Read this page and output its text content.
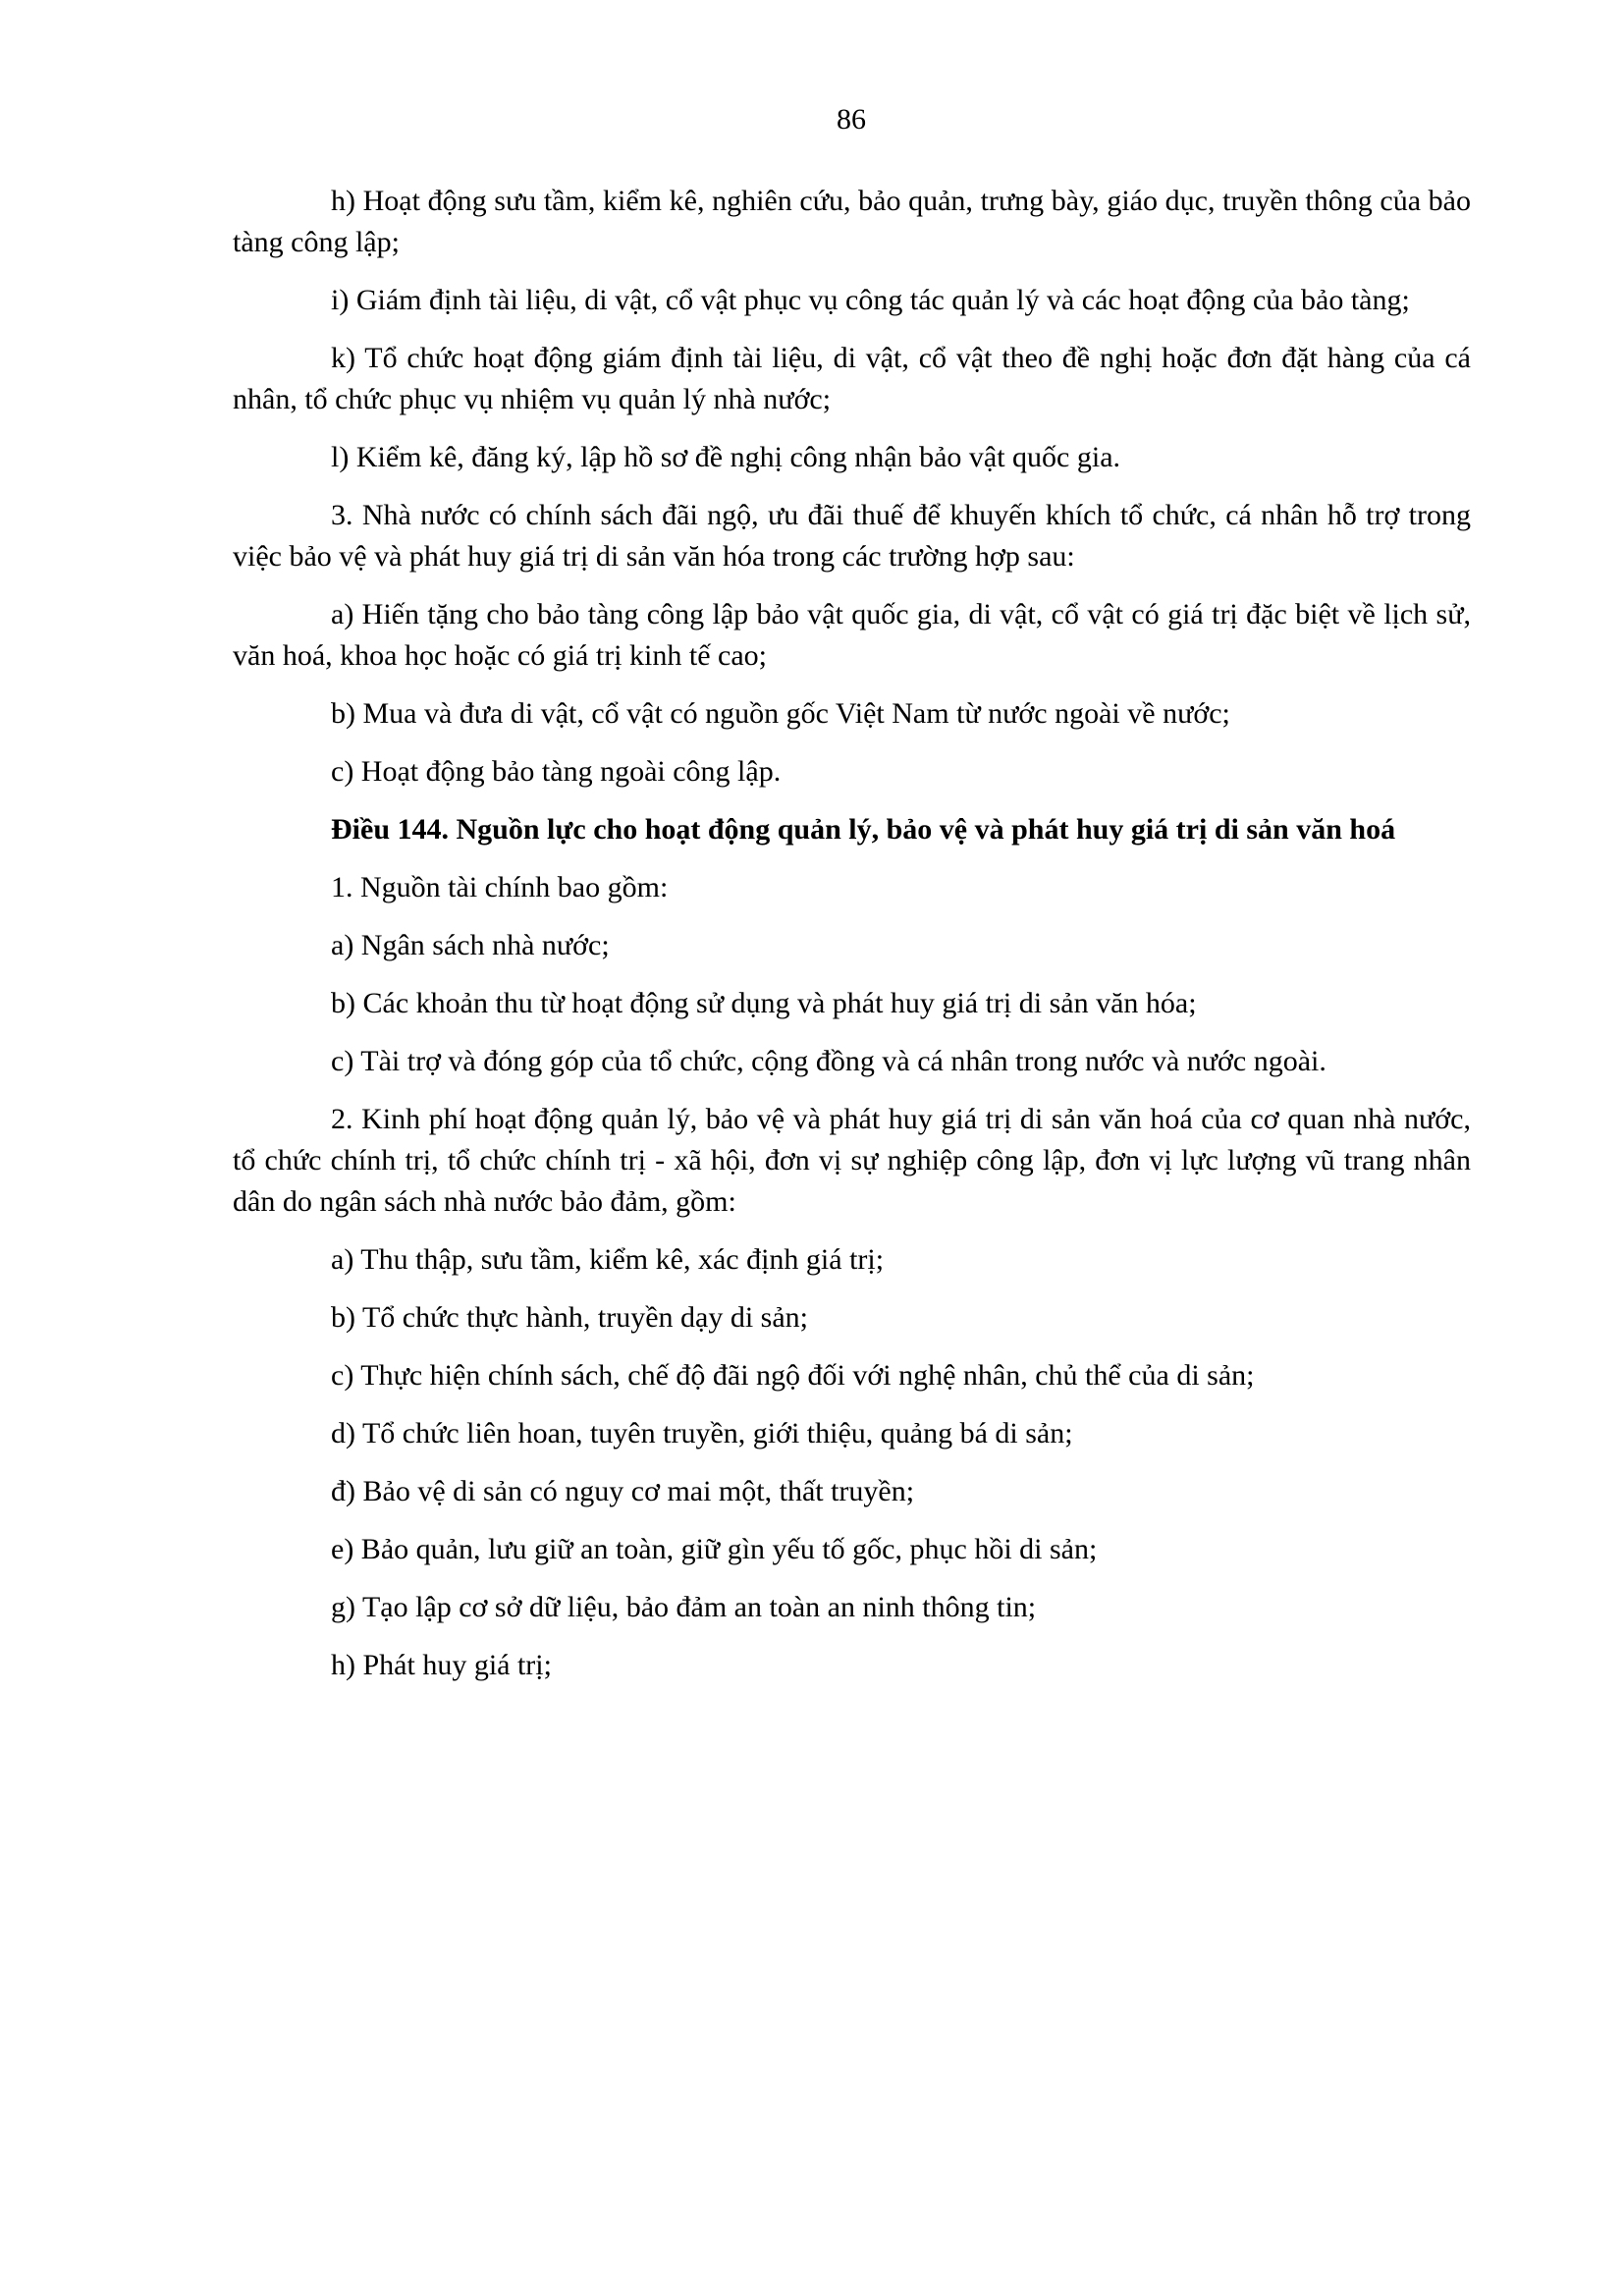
86

h) Hoạt động sưu tầm, kiểm kê, nghiên cứu, bảo quản, trưng bày, giáo dục, truyền thông của bảo tàng công lập;

i) Giám định tài liệu, di vật, cổ vật phục vụ công tác quản lý và các hoạt động của bảo tàng;

k) Tổ chức hoạt động giám định tài liệu, di vật, cổ vật theo đề nghị hoặc đơn đặt hàng của cá nhân, tổ chức phục vụ nhiệm vụ quản lý nhà nước;

l) Kiểm kê, đăng ký, lập hồ sơ đề nghị công nhận bảo vật quốc gia.

3. Nhà nước có chính sách đãi ngộ, ưu đãi thuế để khuyến khích tổ chức, cá nhân hỗ trợ trong việc bảo vệ và phát huy giá trị di sản văn hóa trong các trường hợp sau:

a) Hiến tặng cho bảo tàng công lập bảo vật quốc gia, di vật, cổ vật có giá trị đặc biệt về lịch sử, văn hoá, khoa học hoặc có giá trị kinh tế cao;

b) Mua và đưa di vật, cổ vật có nguồn gốc Việt Nam từ nước ngoài về nước;

c) Hoạt động bảo tàng ngoài công lập.

Điều 144. Nguồn lực cho hoạt động quản lý, bảo vệ và phát huy giá trị di sản văn hoá

1. Nguồn tài chính bao gồm:

a) Ngân sách nhà nước;

b) Các khoản thu từ hoạt động sử dụng và phát huy giá trị di sản văn hóa;

c) Tài trợ và đóng góp của tổ chức, cộng đồng và cá nhân trong nước và nước ngoài.

2. Kinh phí hoạt động quản lý, bảo vệ và phát huy giá trị di sản văn hoá của cơ quan nhà nước, tổ chức chính trị, tổ chức chính trị - xã hội, đơn vị sự nghiệp công lập, đơn vị lực lượng vũ trang nhân dân do ngân sách nhà nước bảo đảm, gồm:

a) Thu thập, sưu tầm, kiểm kê, xác định giá trị;

b) Tổ chức thực hành, truyền dạy di sản;

c) Thực hiện chính sách, chế độ đãi ngộ đối với nghệ nhân, chủ thể của di sản;

d) Tổ chức liên hoan, tuyên truyền, giới thiệu, quảng bá di sản;

đ) Bảo vệ di sản có nguy cơ mai một, thất truyền;

e) Bảo quản, lưu giữ an toàn, giữ gìn yếu tố gốc, phục hồi di sản;

g) Tạo lập cơ sở dữ liệu, bảo đảm an toàn an ninh thông tin;

h) Phát huy giá trị;
